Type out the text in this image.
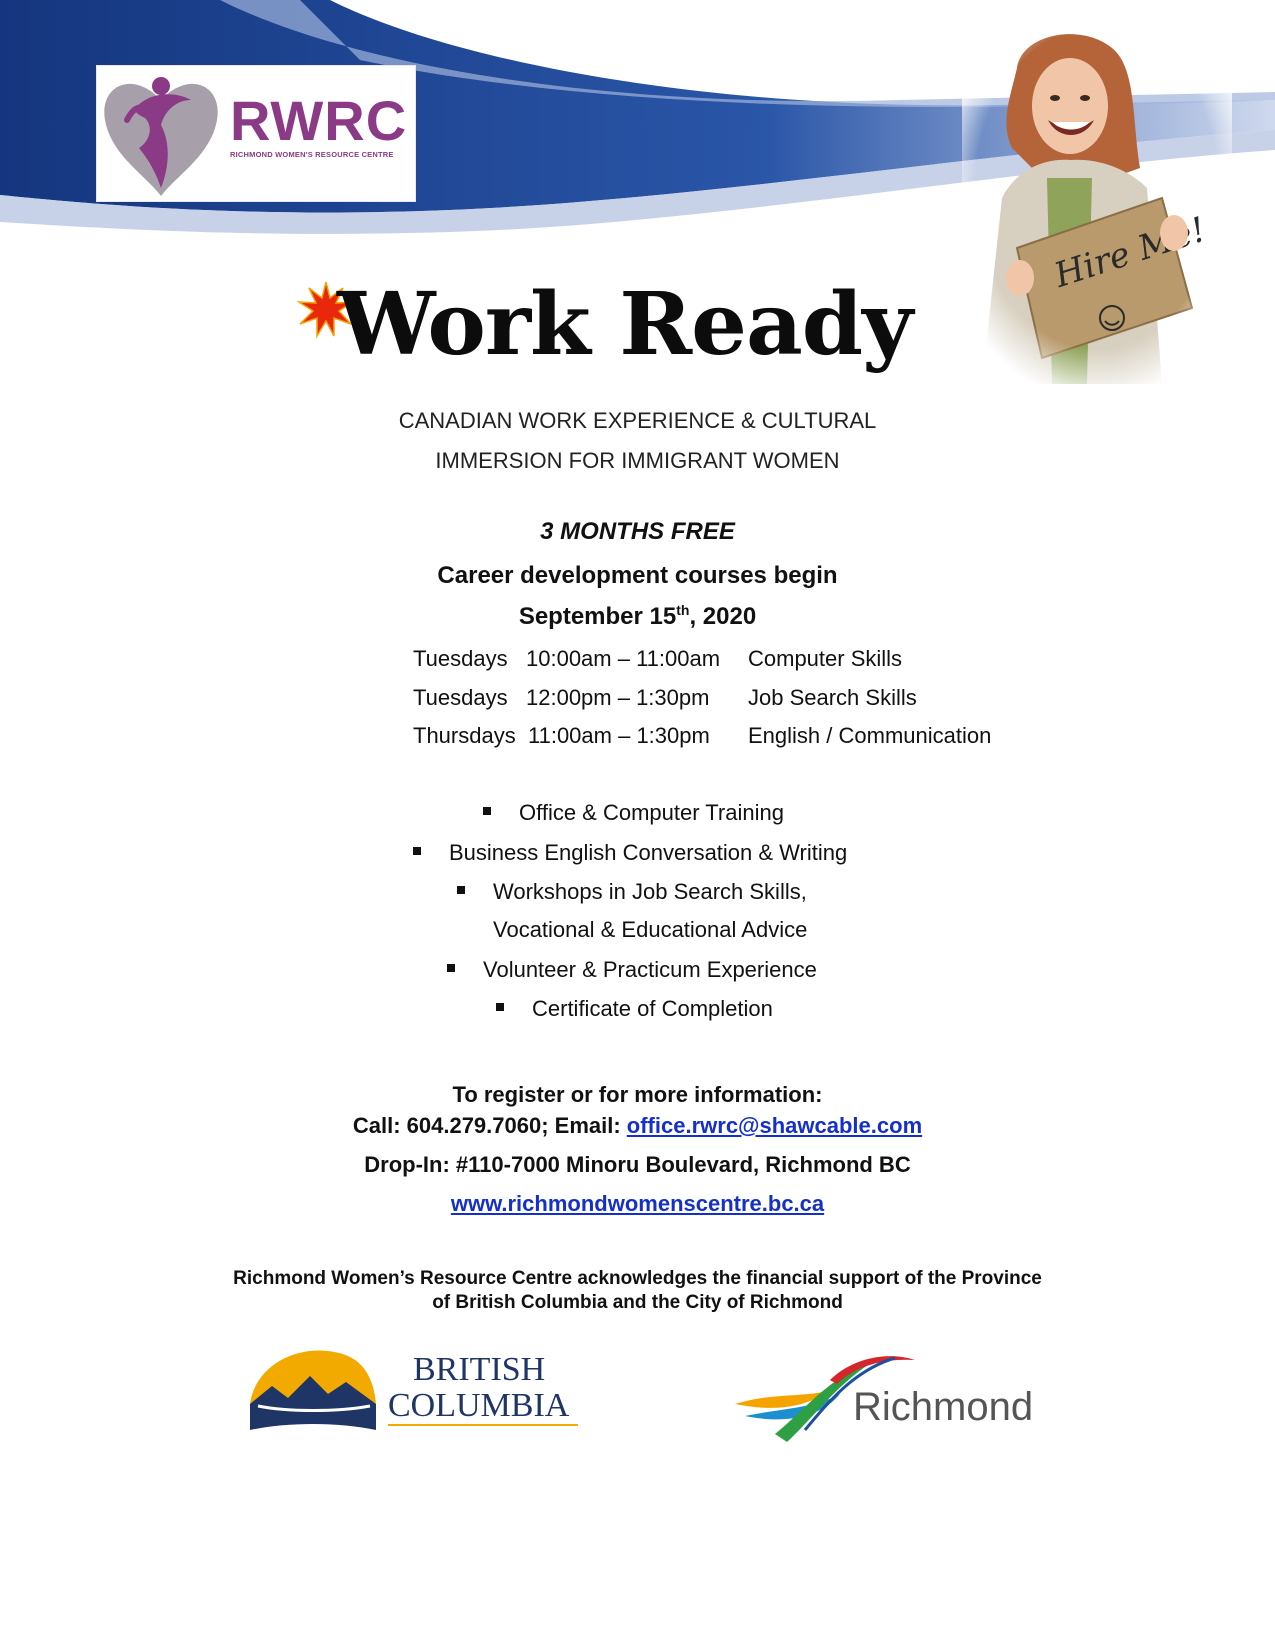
RWRC
RICHMOND WOMEN'S RESOURCE CENTRE
Work Ready
CANADIAN WORK EXPERIENCE & CULTURAL
IMMERSION FOR IMMIGRANT WOMEN
3 MONTHS FREE
Career development courses begin
September 15th, 2020
Tuesdays 10:00am – 11:00am Computer Skills
Tuesdays 12:00pm – 1:30pm Job Search Skills
Thursdays 11:00am – 1:30pm English / Communication
Office & Computer Training
Business English Conversation & Writing
Workshops in Job Search Skills,
Vocational & Educational Advice
Volunteer & Practicum Experience
Certificate of Completion
To register or for more information:
Call: 604.279.7060; Email: office.rwrc@shawcable.com
Drop-In: #110-7000 Minoru Boulevard, Richmond BC
www.richmondwomenscentre.bc.ca
Richmond Women’s Resource Centre acknowledges the financial support of the Province
of British Columbia and the City of Richmond
BRITISH
COLUMBIA	Richmond
